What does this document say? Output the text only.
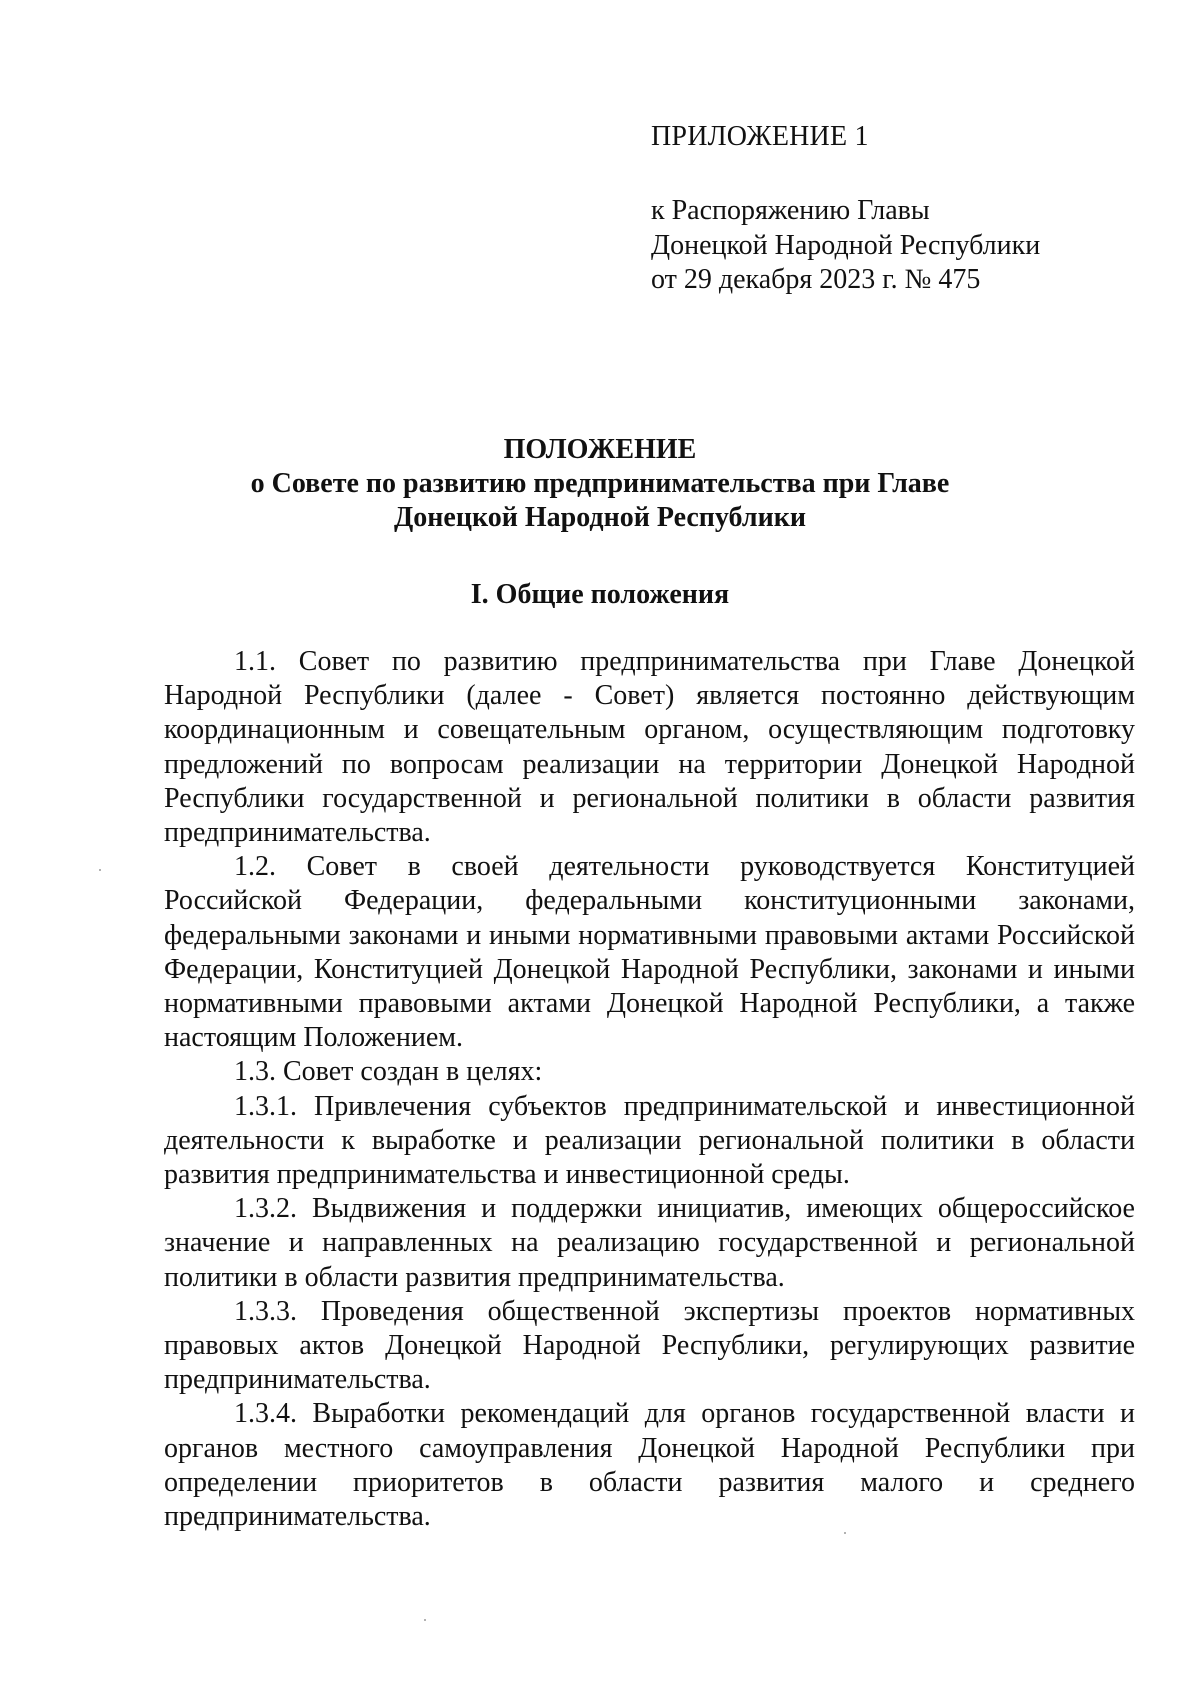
ПРИЛОЖЕНИЕ 1
к Распоряжению Главы
Донецкой Народной Республики
от 29 декабря 2023 г. № 475
ПОЛОЖЕНИЕ
о Совете по развитию предпринимательства при Главе
Донецкой Народной Республики
I. Общие положения

1.1. Совет по развитию предпринимательства при Главе Донецкой Народной Республики (далее - Совет) является постоянно действующим координационным и совещательным органом, осуществляющим подготовку предложений по вопросам реализации на территории Донецкой Народной Республики государственной и региональной политики в области развития предпринимательства.

1.2. Совет в своей деятельности руководствуется Конституцией Российской Федерации, федеральными конституционными законами, федеральными законами и иными нормативными правовыми актами Российской Федерации, Конституцией Донецкой Народной Республики, законами и иными нормативными правовыми актами Донецкой Народной Республики, а также настоящим Положением.

1.3. Совет создан в целях:

1.3.1. Привлечения субъектов предпринимательской и инвестиционной деятельности к выработке и реализации региональной политики в области развития предпринимательства и инвестиционной среды.

1.3.2. Выдвижения и поддержки инициатив, имеющих общероссийское значение и направленных на реализацию государственной и региональной политики в области развития предпринимательства.

1.3.3. Проведения общественной экспертизы проектов нормативных правовых актов Донецкой Народной Республики, регулирующих развитие предпринимательства.

1.3.4. Выработки рекомендаций для органов государственной власти и органов местного самоуправления Донецкой Народной Республики при определении приоритетов в области развития малого и среднего предпринимательства.
